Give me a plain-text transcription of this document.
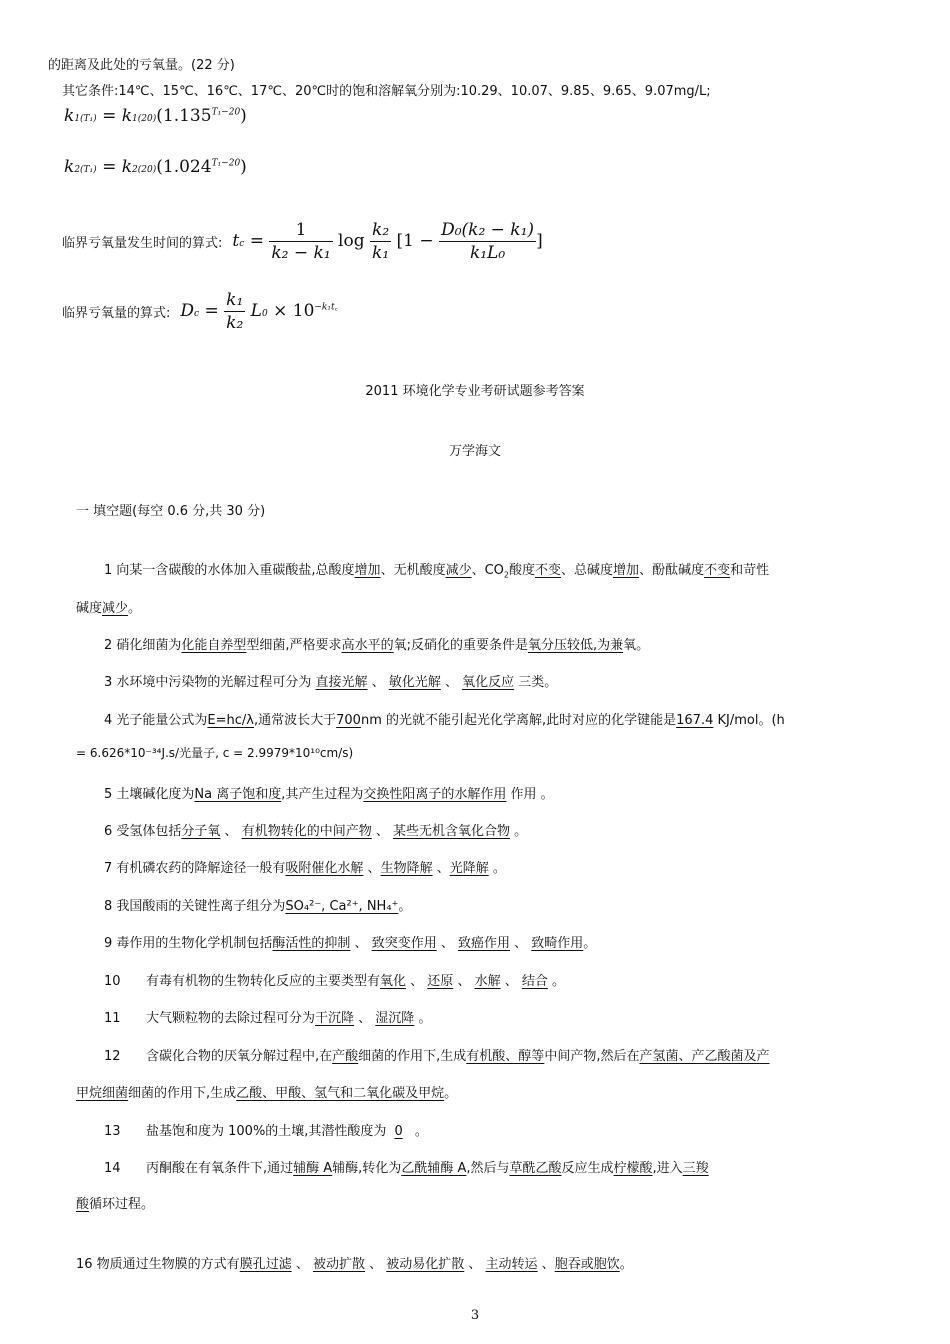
的距离及此处的亏氧量。(22 分)
其它条件:14℃、15℃、16℃、17℃、20℃时的饱和溶解氧分别为:10.29、10.07、9.85、9.65、9.07mg/L;
$k1(T_1) = k1(20)(1.135^{T_1-20})$
$k2(T_1) = k2(20)(1.024^{T_1-20})$
临界亏氧量发生时间的算式: tc = $\frac{1}{\text{k₂ − k₁}}$ $\log \frac{\text{k₂}}{\text{k₁}} [1 - \frac{\text{D₀(k₂ − k₁)}}{\text{k₁L₀}}$ ]
临界亏氧量的算式: $Dc = \frac{\text{k₁}}{\text{k₂}} L0 \times 10^{-k_1t꜀}$
2011 环境化学专业考研试题参考答案
万学海文
一 填空题(每空 0.6 分,共 30 分)
1 向某一含碳酸的水体加入重碳酸盐,总酸度增加、无机酸度减少、$CO_2$酸度不变、总碱度增加、酚酞碱度不变和苛性
碱度减少。
2 硝化细菌为化能自养型型细菌,严格要求高水平的氧;反硝化的重要条件是氧分压较低,为兼氧。
3 水环境中污染物的光解过程可分为 直接光解 、 敏化光解 、 氧化反应 三类。
4 光子能量公式为E=hc/λ,通常波长大于700nm 的光就不能引起光化学离解,此时对应的化学键能是167.4 KJ/mol。(h
= 6.626*10⁻³⁴J.s/光量子, c = 2.9979*10¹⁰cm/s)
5 土壤碱化度为Na 离子饱和度,其产生过程为交换性阳离子的水解作用 作用 。
6 受氢体包括分子氧 、 有机物转化的中间产物 、 某些无机含氧化合物 。
7 有机磷农药的降解途径一般有吸附催化水解 、生物降解 、光降解 。
8 我国酸雨的关键性离子组分为SO₄²⁻, Ca²⁺, NH₄⁺。
9 毒作用的生物化学机制包括酶活性的抑制 、 致突变作用 、 致癌作用 、 致畸作用。
10 有毒有机物的生物转化反应的主要类型有氧化 、 还原 、 水解 、 结合 。
11 大气颗粒物的去除过程可分为干沉降 、 湿沉降 。
12 含碳化合物的厌氧分解过程中,在产酸细菌的作用下,生成有机酸、醇等中间产物,然后在产氢菌、产乙酸菌及产
甲烷细菌细菌的作用下,生成乙酸、甲酸、氢气和二氧化碳及甲烷。
13 盐基饱和度为 100%的土壤,其潜性酸度为 0 。
14 丙酮酸在有氧条件下,通过辅酶 A辅酶,转化为乙酰辅酶 A,然后与草酰乙酸反应生成柠檬酸,进入三羧
酸循环过程。
16 物质通过生物膜的方式有膜孔过滤 、 被动扩散 、 被动易化扩散 、 主动转运 、胞吞或胞饮。
3
